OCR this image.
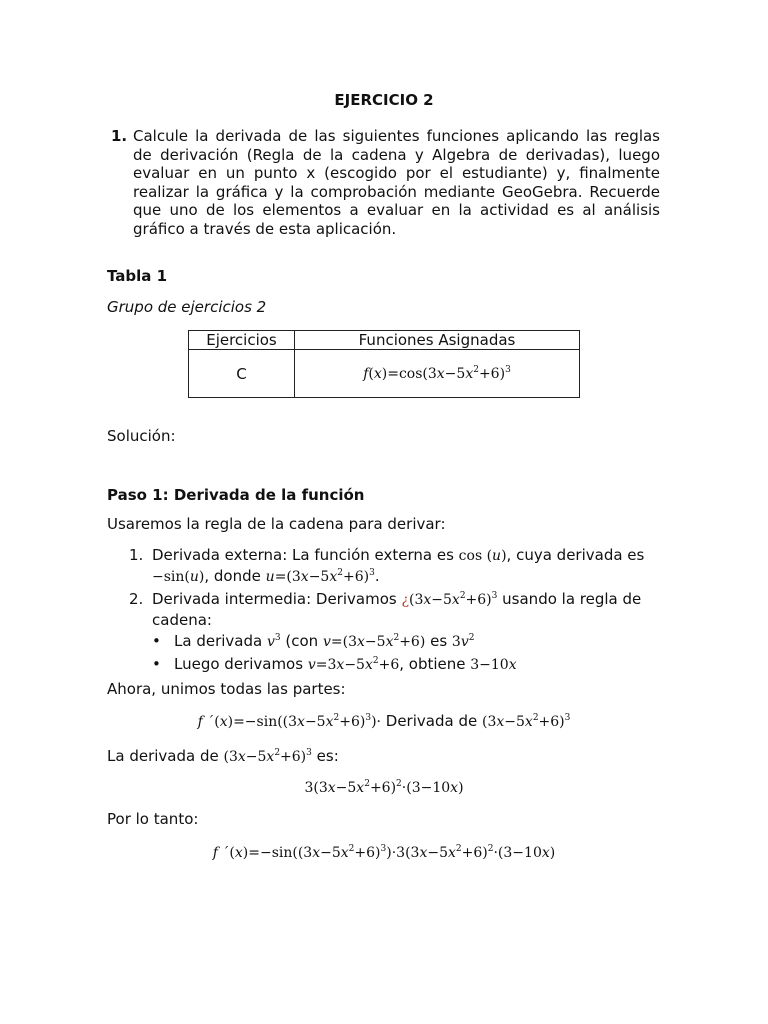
EJERCICIO 2
1. Calcule la derivada de las siguientes funciones aplicando las reglas de derivación (Regla de la cadena y Algebra de derivadas), luego evaluar en un punto x (escogido por el estudiante) y, finalmente realizar la gráfica y la comprobación mediante GeoGebra. Recuerde que uno de los elementos a evaluar en la actividad es al análisis gráfico a través de esta aplicación.
Tabla 1
Grupo de ejercicios 2
Ejercicios	Funciones Asignadas
C	$f(x)=\cos(3x-5x^2+6)^3$
Solución:
Paso 1: Derivada de la función
Usaremos la regla de la cadena para derivar:
1. Derivada externa: La función externa es cos (u), cuya derivada es
−sin(u), donde $u=(3x-5x^2+6)^3$.
2. Derivada intermedia: Derivamos ¿$(3x-5x^2+6)^3$ usando la regla de cadena:
• La derivada $v^3$ (con $v=(3x-5x^2+6)$ es $3v^2$
• Luego derivamos $v=3x-5x^2+6$, obtiene 3−10x
Ahora, unimos todas las partes:
f $´(x)=-\sin((3x-5x^2+6)^3)\cdot$ Derivada de $(3x-5x^2+6)^3$
La derivada de $(3x-5x^2+6)^3$ es:
$3(3x-5x^2+6)^2\cdot(3-10x)$
Por lo tanto:
f $´(x)=-\sin((3x-5x^2+6)^3)\cdot 3(3x-5x^2+6)^2\cdot(3-10x)$
